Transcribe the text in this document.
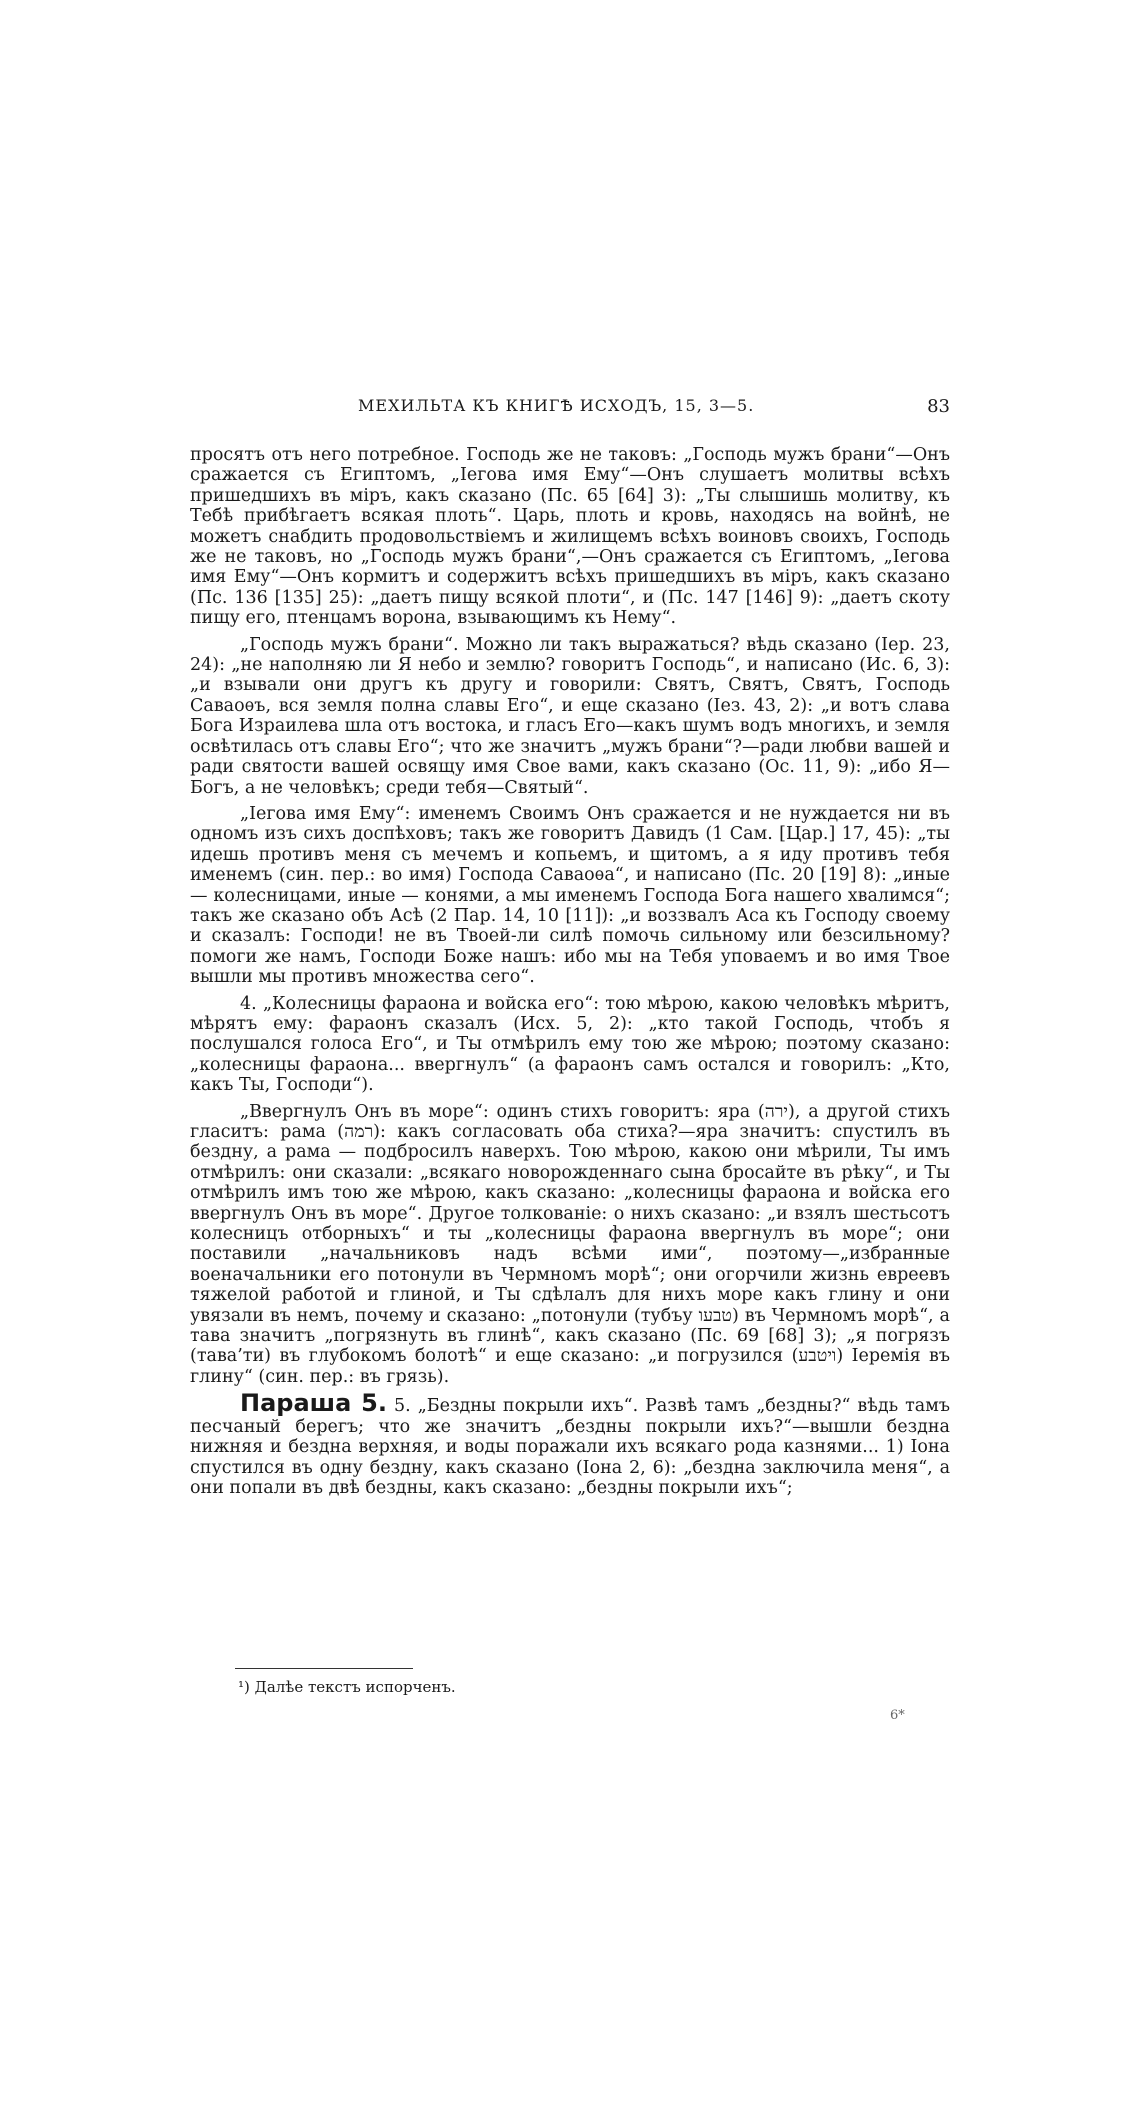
МЕХИЛЬТА КЪ КНИГѢ ИСХОДЪ, 15, 3—5.	83

просятъ отъ него потребное. Господь же не таковъ: „Господь мужъ брани“—Онъ сражается съ Египтомъ, „Iегова имя Ему“—Онъ слушаетъ молитвы всѣхъ пришедшихъ въ мiръ, какъ сказано (Пс. 65 [64] 3): „Ты слышишь молитву, къ Тебѣ прибѣгаетъ всякая плоть“. Царь, плоть и кровь, находясь на войнѣ, не можетъ снабдить продовольствiемъ и жилищемъ всѣхъ воиновъ своихъ, Господь же не таковъ, но „Господь мужъ брани“,—Онъ сражается съ Египтомъ, „Iегова имя Ему“—Онъ кормитъ и содержитъ всѣхъ пришедшихъ въ мiръ, какъ сказано (Пс. 136 [135] 25): „даетъ пищу всякой плоти“, и (Пс. 147 [146] 9): „даетъ скоту пищу его, птенцамъ ворона, взывающимъ къ Нему“.

„Господь мужъ брани“. Можно ли такъ выражаться? вѣдь сказано (Iер. 23, 24): „не наполняю ли Я небо и землю? говоритъ Господь“, и написано (Ис. 6, 3): „и взывали они другъ къ другу и говорили: Святъ, Святъ, Святъ, Господь Саваоѳъ, вся земля полна славы Его“, и еще сказано (Iез. 43, 2): „и вотъ слава Бога Израилева шла отъ востока, и гласъ Его—какъ шумъ водъ многихъ, и земля освѣтилась отъ славы Его“; что же значитъ „мужъ брани“?—ради любви вашей и ради святости вашей освящу имя Свое вами, какъ сказано (Ос. 11, 9): „ибо Я—Богъ, а не человѣкъ; среди тебя—Святый“.

„Iегова имя Ему“: именемъ Своимъ Онъ сражается и не нуждается ни въ одномъ изъ сихъ доспѣховъ; такъ же говоритъ Давидъ (1 Сам. [Цар.] 17, 45): „ты идешь противъ меня съ мечемъ и копьемъ, и щитомъ, а я иду противъ тебя именемъ (син. пер.: во имя) Господа Саваоѳа“, и написано (Пс. 20 [19] 8): „иные — колесницами, иные — конями, а мы именемъ Господа Бога нашего хвалимся“; такъ же сказано объ Асѣ (2 Пар. 14, 10 [11]): „и воззвалъ Аса къ Господу своему и сказалъ: Господи! не въ Твоей-ли силѣ помочь сильному или безсильному? помоги же намъ, Господи Боже нашъ: ибо мы на Тебя уповаемъ и во имя Твое вышли мы противъ множества сего“.

4. „Колесницы фараона и войска его“: тою мѣрою, какою человѣкъ мѣритъ, мѣрятъ ему: фараонъ сказалъ (Исх. 5, 2): „кто такой Господь, чтобъ я послушался голоса Его“, и Ты отмѣрилъ ему тою же мѣрою; поэтому сказано: „колесницы фараона... ввергнулъ“ (а фараонъ самъ остался и говорилъ: „Кто, какъ Ты, Господи“).

„Ввергнулъ Онъ въ море“: одинъ стихъ говоритъ: яра (ירה), а другой стихъ гласитъ: рама (רמה): какъ согласовать оба стиха?—яра значитъ: спустилъ въ бездну, а рама — подбросилъ наверхъ. Тою мѣрою, какою они мѣрили, Ты имъ отмѣрилъ: они сказали: „всякаго новорожденнаго сына бросайте въ рѣку“, и Ты отмѣрилъ имъ тою же мѣрою, какъ сказано: „колесницы фараона и войска его ввергнулъ Онъ въ море“. Другое толкованiе: о нихъ сказано: „и взялъ шестьсотъ колесницъ отборныхъ“ и ты „колесницы фараона ввергнулъ въ море“; они поставили „начальниковъ надъ всѣми ими“, поэтому—„избранные военачальники его потонули въ Чермномъ морѣ“; они огорчили жизнь евреевъ тяжелой работой и глиной, и Ты сдѣлалъ для нихъ море какъ глину и они увязали въ немъ, почему и сказано: „потонули (тубъу טבעו) въ Чермномъ морѣ“, а тава значитъ „погрязнуть въ глинѣ“, какъ сказано (Пс. 69 [68] 3); „я погрязъ (тава’ти) въ глубокомъ болотѣ“ и еще сказано: „и погрузился (ויטבע) Iеремiя въ глину“ (син. пер.: въ грязь).

Параша 5. 5. „Бездны покрыли ихъ“. Развѣ тамъ „бездны?“ вѣдь тамъ песчаный берегъ; что же значитъ „бездны покрыли ихъ?“—вышли бездна нижняя и бездна верхняя, и воды поражали ихъ всякаго рода казнями... 1) Iона спустился въ одну бездну, какъ сказано (Iона 2, 6): „бездна заключила меня“, а они попали въ двѣ бездны, какъ сказано: „бездны покрыли ихъ“;

¹) Далѣе текстъ испорченъ.
6*
